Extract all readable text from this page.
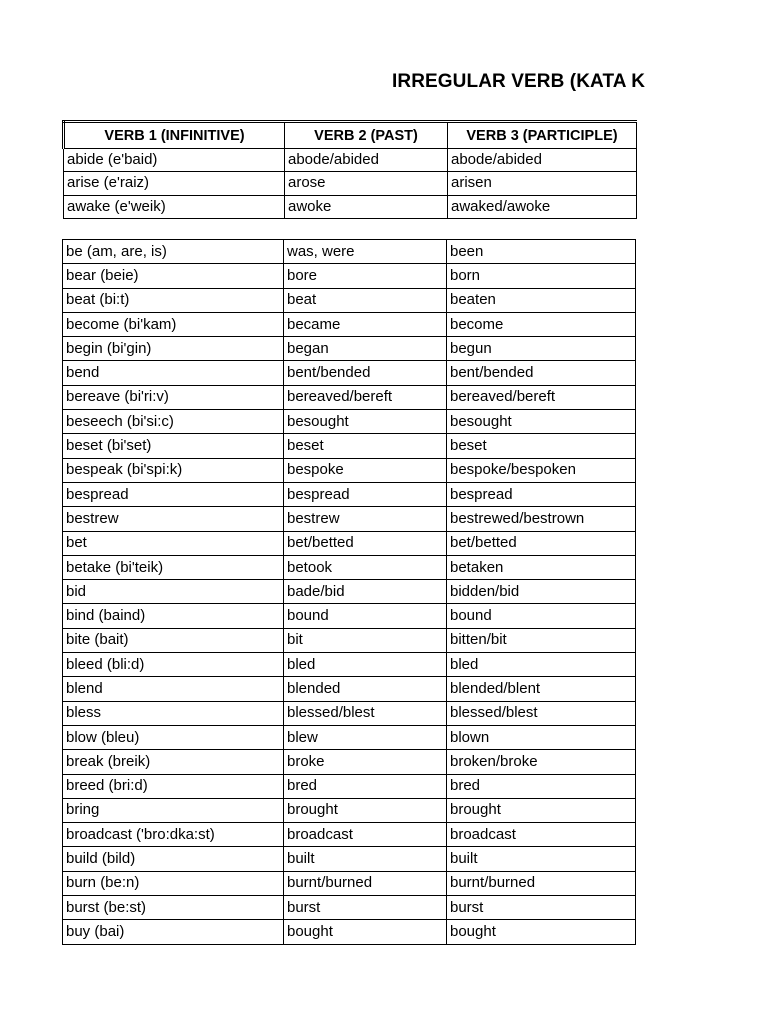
IRREGULAR VERB (KATA K
VERB 1 (INFINITIVE)	VERB 2 (PAST)	VERB 3 (PARTICIPLE)
abide (e'baid)	abode/abided	abode/abided
arise (e'raiz)	arose	arisen
awake (e'weik)	awoke	awaked/awoke
be (am, are, is)	was, were	been
bear (beie)	bore	born
beat (bi:t)	beat	beaten
become (bi'kam)	became	become
begin (bi'gin)	began	begun
bend	bent/bended	bent/bended
bereave (bi'ri:v)	bereaved/bereft	bereaved/bereft
beseech (bi'si:c)	besought	besought
beset (bi'set)	beset	beset
bespeak (bi'spi:k)	bespoke	bespoke/bespoken
bespread	bespread	bespread
bestrew	bestrew	bestrewed/bestrown
bet	bet/betted	bet/betted
betake (bi'teik)	betook	betaken
bid	bade/bid	bidden/bid
bind (baind)	bound	bound
bite (bait)	bit	bitten/bit
bleed (bli:d)	bled	bled
blend	blended	blended/blent
bless	blessed/blest	blessed/blest
blow (bleu)	blew	blown
break (breik)	broke	broken/broke
breed (bri:d)	bred	bred
bring	brought	brought
broadcast ('bro:dka:st)	broadcast	broadcast
build (bild)	built	built
burn (be:n)	burnt/burned	burnt/burned
burst (be:st)	burst	burst
buy (bai)	bought	bought
